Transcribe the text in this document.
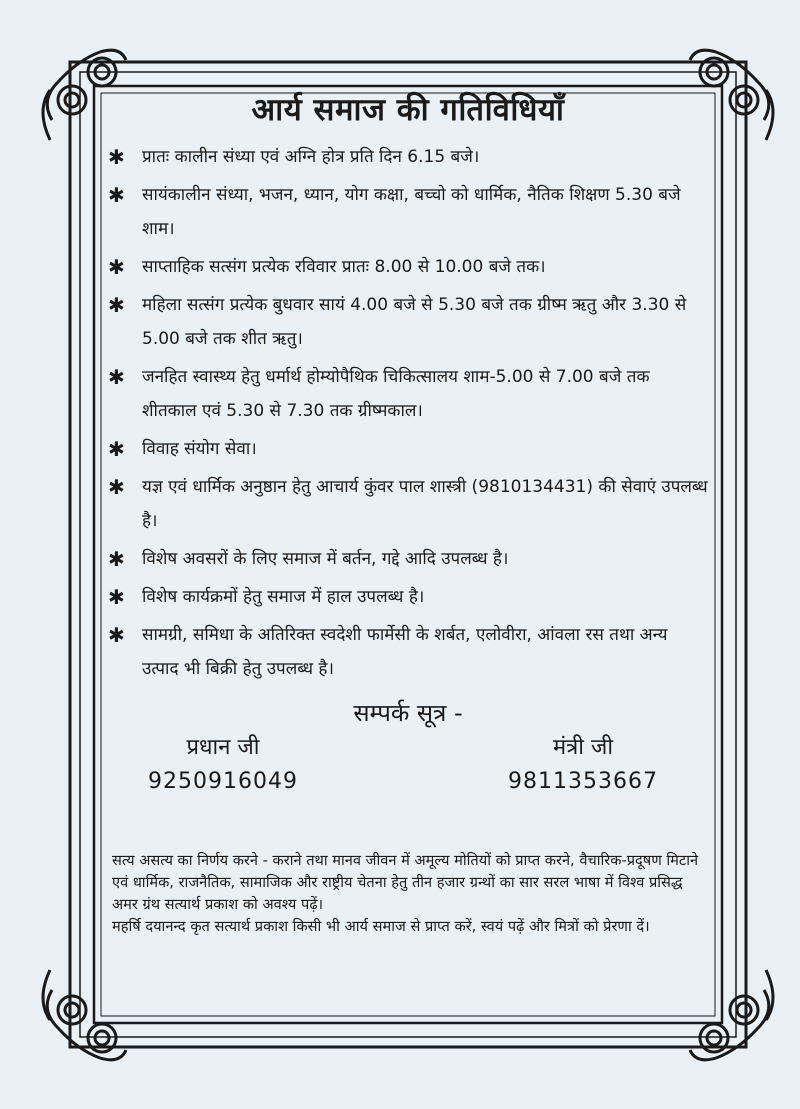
आर्य समाज की गतिविधियाँ
✱ प्रातः कालीन संध्या एवं अग्नि होत्र प्रति दिन 6.15 बजे।
✱ सायंकालीन संध्या, भजन, ध्यान, योग कक्षा, बच्चो को धार्मिक, नैतिक शिक्षण 5.30 बजे शाम।
✱ साप्ताहिक सत्संग प्रत्येक रविवार प्रातः 8.00 से 10.00 बजे तक।
✱ महिला सत्संग प्रत्येक बुधवार सायं 4.00 बजे से 5.30 बजे तक ग्रीष्म ऋतु और 3.30 से 5.00 बजे तक शीत ऋतु।
✱ जनहित स्वास्थ्य हेतु धर्मार्थ होम्योपैथिक चिकित्सालय शाम-5.00 से 7.00 बजे तक शीतकाल एवं 5.30 से 7.30 तक ग्रीष्मकाल।
✱ विवाह संयोग सेवा।
✱ यज्ञ एवं धार्मिक अनुष्ठान हेतु आचार्य कुंवर पाल शास्त्री (9810134431) की सेवाएं उपलब्ध है।
✱ विशेष अवसरों के लिए समाज में बर्तन, गद्दे आदि उपलब्ध है।
✱ विशेष कार्यक्रमों हेतु समाज में हाल उपलब्ध है।
✱ सामग्री, समिधा के अतिरिक्त स्वदेशी फार्मेसी के शर्बत, एलोवीरा, आंवला रस तथा अन्य उत्पाद भी बिक्री हेतु उपलब्ध है।
सम्पर्क सूत्र -
प्रधान जी
9250916049
मंत्री जी
9811353667

सत्य असत्य का निर्णय करने - कराने तथा मानव जीवन में अमूल्य मोतियों को प्राप्त करने, वैचारिक-प्रदूषण मिटाने एवं धार्मिक, राजनैतिक, सामाजिक और राष्ट्रीय चेतना हेतु तीन हजार ग्रन्थों का सार सरल भाषा में विश्व प्रसिद्ध अमर ग्रंथ सत्यार्थ प्रकाश को अवश्य पढ़ें।

महर्षि दयानन्द कृत सत्यार्थ प्रकाश किसी भी आर्य समाज से प्राप्त करें, स्वयं पढ़ें और मित्रों को प्रेरणा दें।
